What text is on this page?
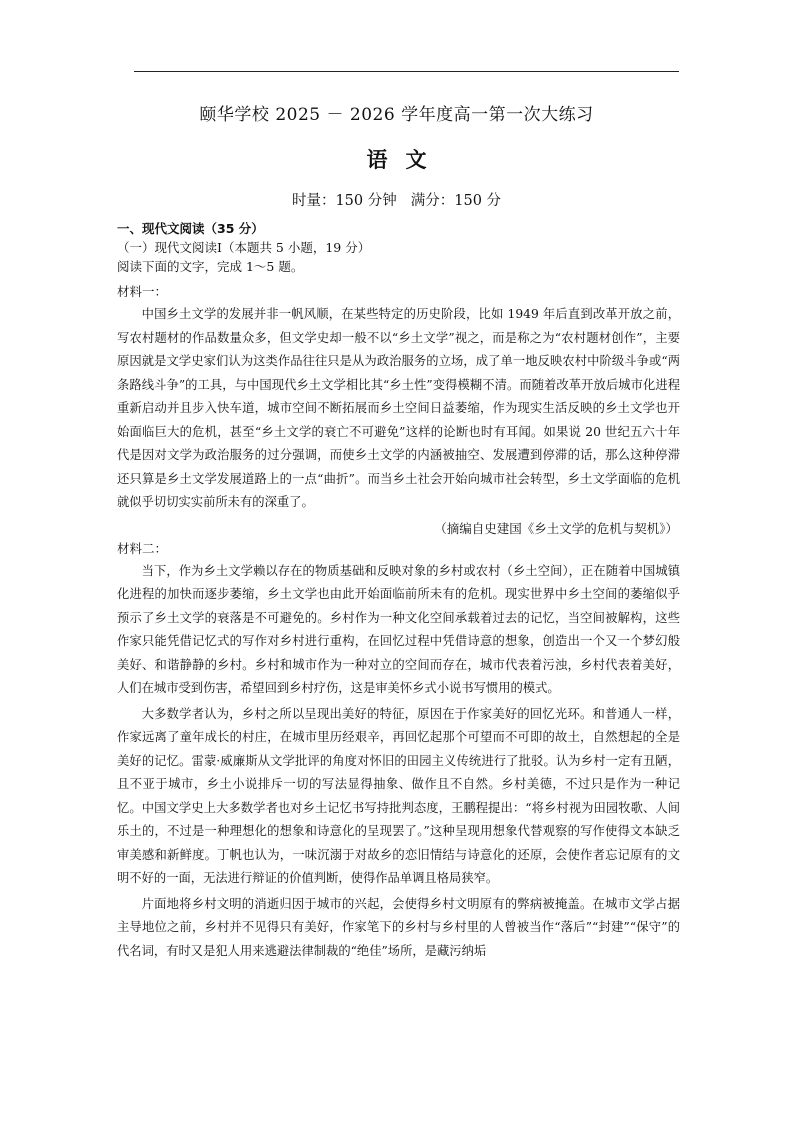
颐华学校 2025 － 2026 学年度高一第一次大练习
语文
时量：150 分钟 满分：150 分
一、现代文阅读（35 分）
（一）现代文阅读Ⅰ（本题共 5 小题，19 分）
阅读下面的文字，完成 1～5 题。
材料一：

中国乡土文学的发展并非一帆风顺，在某些特定的历史阶段，比如 1949 年后直到改革开放之前，写农村题材的作品数量众多，但文学史却一般不以“乡土文学”视之，而是称之为“农村题材创作”，主要原因就是文学史家们认为这类作品往往只是从为政治服务的立场，成了单一地反映农村中阶级斗争或“两条路线斗争”的工具，与中国现代乡土文学相比其“乡土性”变得模糊不清。而随着改革开放后城市化进程重新启动并且步入快车道，城市空间不断拓展而乡土空间日益萎缩，作为现实生活反映的乡土文学也开始面临巨大的危机，甚至“乡土文学的衰亡不可避免”这样的论断也时有耳闻。如果说 20 世纪五六十年代是因对文学为政治服务的过分强调，而使乡土文学的内涵被抽空、发展遭到停滞的话，那么这种停滞还只算是乡土文学发展道路上的一点“曲折”。而当乡土社会开始向城市社会转型，乡土文学面临的危机就似乎切切实实前所未有的深重了。

（摘编自史建国《乡土文学的危机与契机》）
材料二：

当下，作为乡土文学赖以存在的物质基础和反映对象的乡村或农村（乡土空间），正在随着中国城镇化进程的加快而逐步萎缩，乡土文学也由此开始面临前所未有的危机。现实世界中乡土空间的萎缩似乎预示了乡土文学的衰落是不可避免的。乡村作为一种文化空间承载着过去的记忆，当空间被解构，这些作家只能凭借记忆式的写作对乡村进行重构，在回忆过程中凭借诗意的想象，创造出一个又一个梦幻般美好、和谐静静的乡村。乡村和城市作为一种对立的空间而存在，城市代表着污浊，乡村代表着美好，人们在城市受到伤害，希望回到乡村疗伤，这是审美怀乡式小说书写惯用的模式。

大多数学者认为，乡村之所以呈现出美好的特征，原因在于作家美好的回忆光环。和普通人一样，作家远离了童年成长的村庄，在城市里历经艰辛，再回忆起那个可望而不可即的故土，自然想起的全是美好的记忆。雷蒙·威廉斯从文学批评的角度对怀旧的田园主义传统进行了批驳。认为乡村一定有丑陋，且不亚于城市，乡土小说排斥一切的写法显得抽象、做作且不自然。乡村美德，不过只是作为一种记忆。中国文学史上大多数学者也对乡土记忆书写持批判态度，王鹏程提出：“将乡村视为田园牧歌、人间乐土的，不过是一种理想化的想象和诗意化的呈现罢了。”这种呈现用想象代替观察的写作使得文本缺乏审美感和新鲜度。丁帆也认为，一味沉溺于对故乡的恋旧情结与诗意化的还原，会使作者忘记原有的文明不好的一面，无法进行辩证的价值判断，使得作品单调且格局狭窄。

片面地将乡村文明的消逝归因于城市的兴起，会使得乡村文明原有的弊病被掩盖。在城市文学占据主导地位之前，乡村并不见得只有美好，作家笔下的乡村与乡村里的人曾被当作“落后”“封建”“保守”的代名词，有时又是犯人用来逃避法律制裁的“绝佳”场所，是藏污纳垢
